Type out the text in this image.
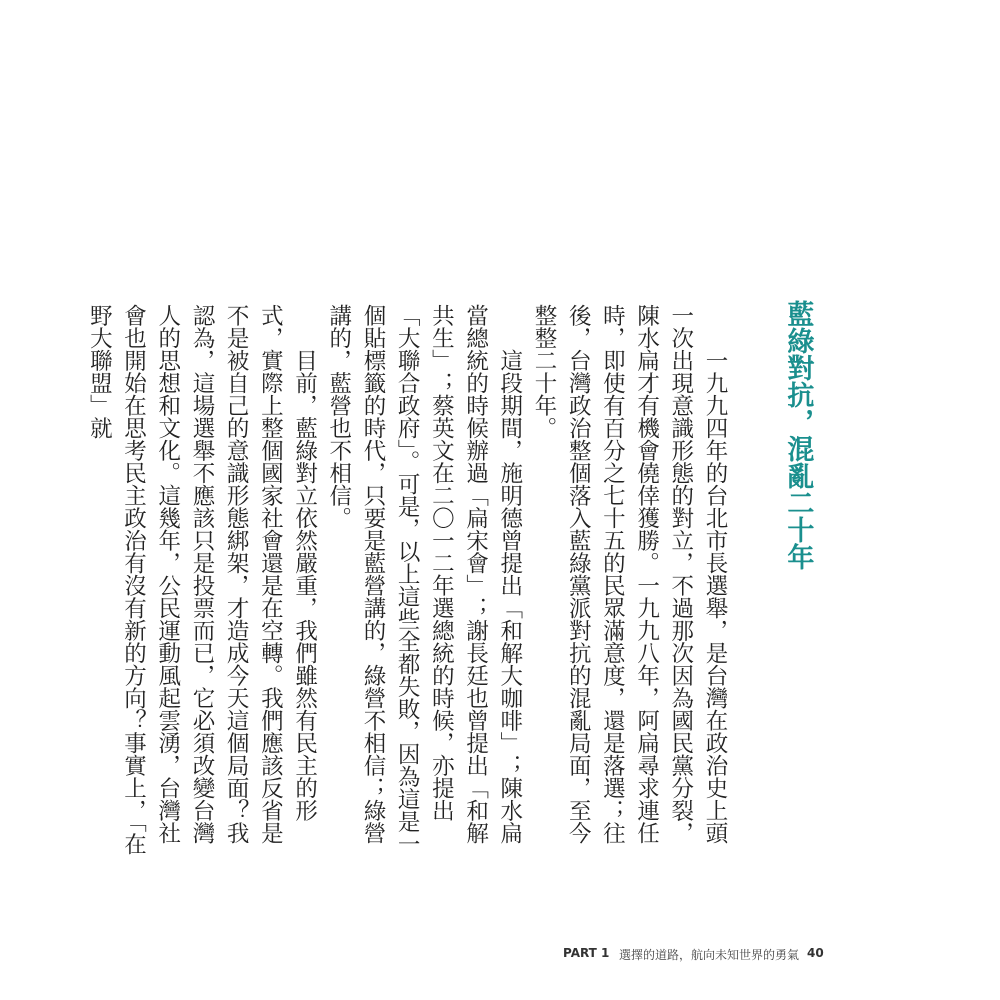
藍綠對抗，混亂二十年

一九九四年的台北市長選舉，是台灣在政治史上頭一次出現意識形態的對立，不過那次因為國民黨分裂，陳水扁才有機會僥倖獲勝。一九九八年，阿扁尋求連任時，即使有百分之七十五的民眾滿意度，還是落選；往後，台灣政治整個落入藍綠黨派對抗的混亂局面，至今整整二十年。

這段期間，施明德曾提出「和解大咖啡」；陳水扁當總統的時候辦過「扁宋會」；謝長廷也曾提出「和解共生」；蔡英文在二〇一二年選總統的時候，亦提出「大聯合政府」。可是，以上這些全都失敗，因為這是一個貼標籤的時代，只要是藍營講的，綠營不相信；綠營講的，藍營也不相信。

目前，藍綠對立依然嚴重，我們雖然有民主的形式，實際上整個國家社會還是在空轉。我們應該反省是不是被自己的意識形態綁架，才造成今天這個局面？我認為，這場選舉不應該只是投票而已，它必須改變台灣人的思想和文化。這幾年，公民運動風起雲湧，台灣社會也開始在思考民主政治有沒有新的方向？事實上，「在野大聯盟」就

PART 1 選擇的道路，航向未知世界的勇氣 40
